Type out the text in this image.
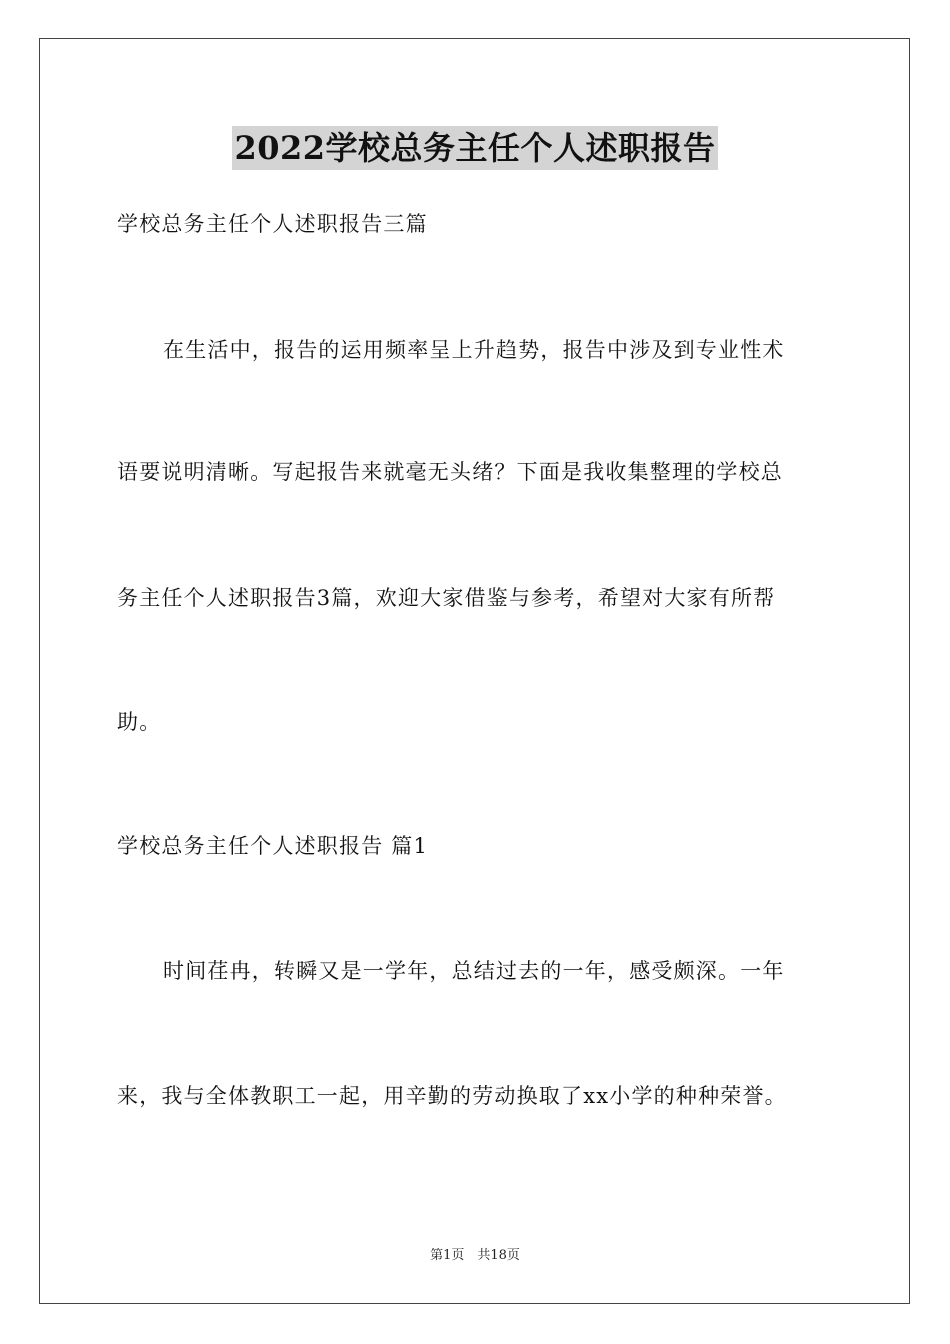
2022学校总务主任个人述职报告
学校总务主任个人述职报告三篇
在生活中，报告的运用频率呈上升趋势，报告中涉及到专业性术
语要说明清晰。写起报告来就毫无头绪？下面是我收集整理的学校总
务主任个人述职报告3篇，欢迎大家借鉴与参考，希望对大家有所帮
助。
学校总务主任个人述职报告 篇1
时间荏冉，转瞬又是一学年，总结过去的一年，感受颇深。一年
来，我与全体教职工一起，用辛勤的劳动换取了xx小学的种种荣誉。
第1页　共18页
